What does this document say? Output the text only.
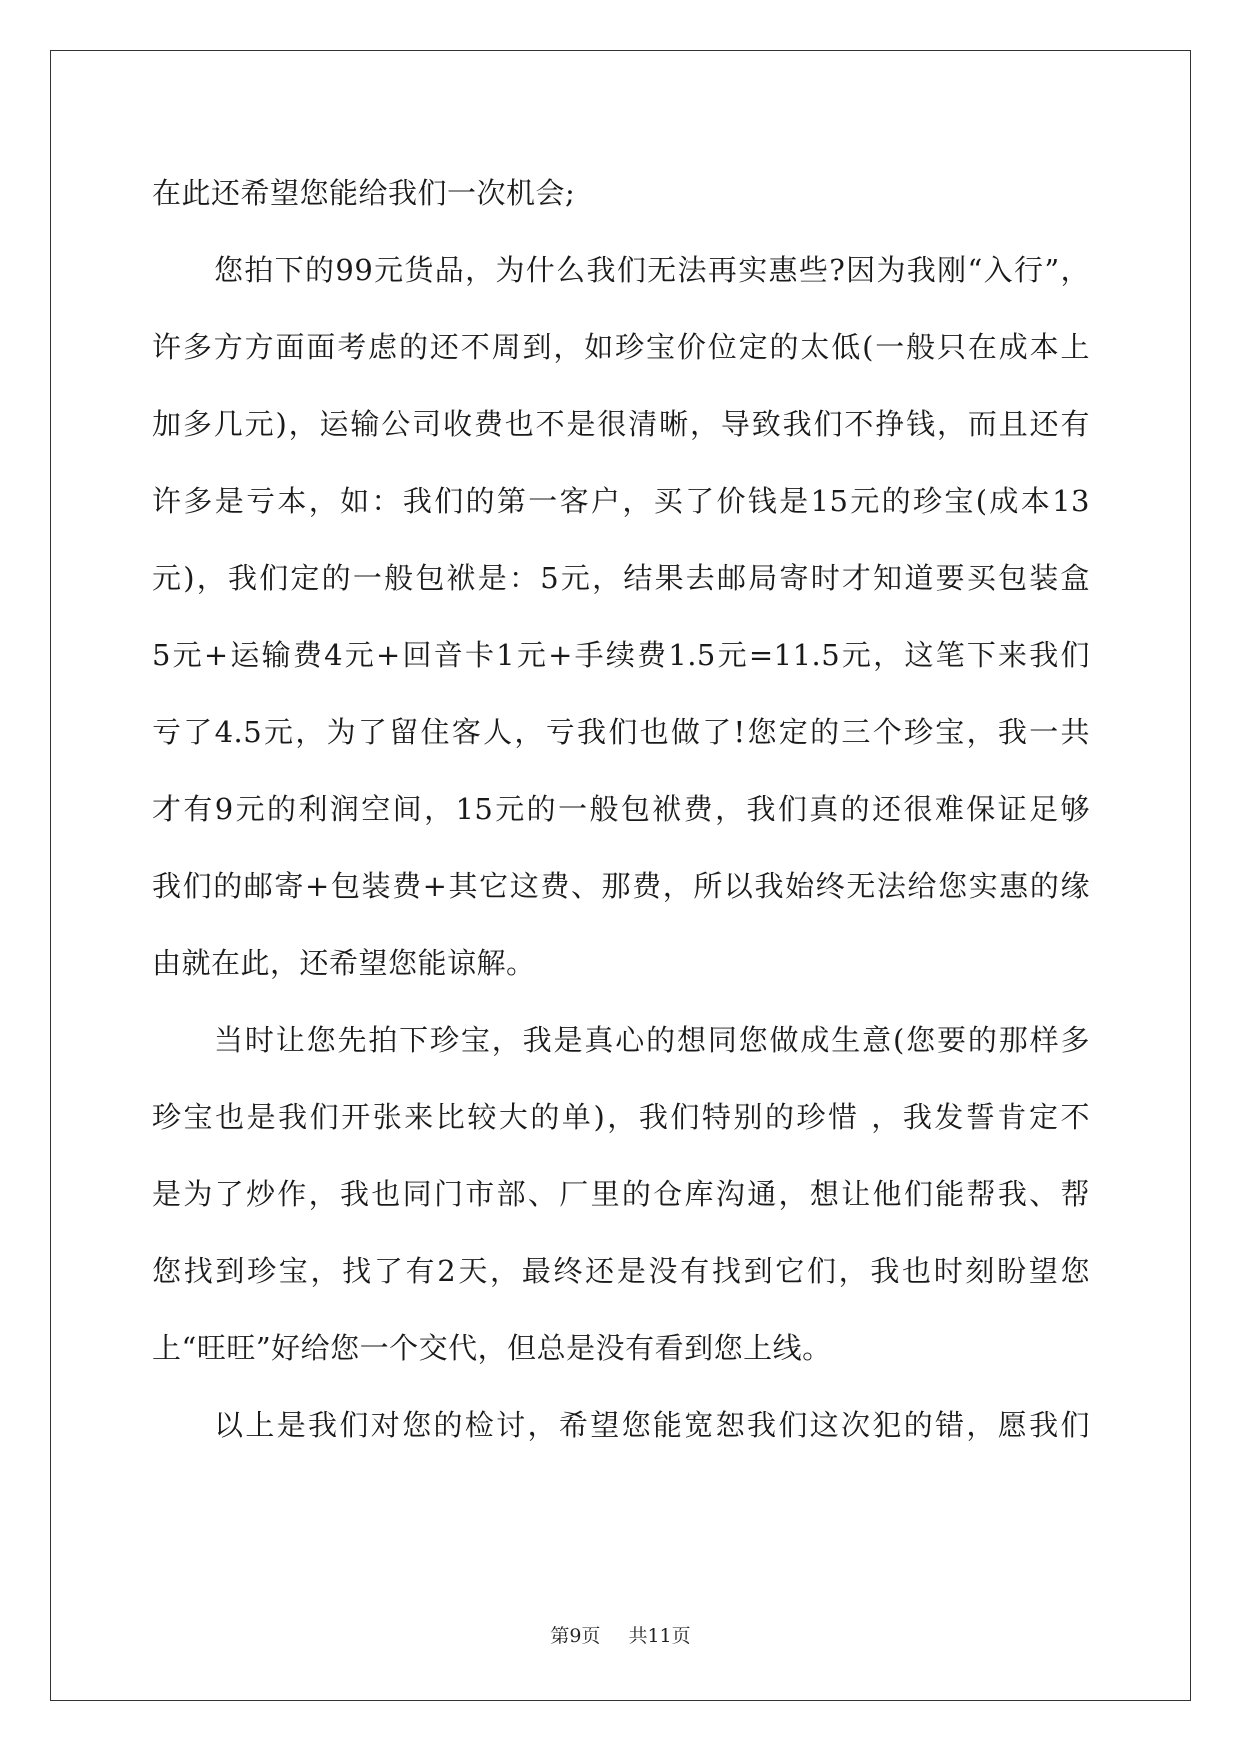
在此还希望您能给我们一次机会;
您拍下的99元货品，为什么我们无法再实惠些?因为我刚“入行”，
许多方方面面考虑的还不周到，如珍宝价位定的太低(一般只在成本上
加多几元)，运输公司收费也不是很清晰，导致我们不挣钱，而且还有
许多是亏本，如：我们的第一客户，买了价钱是15元的珍宝(成本13
元)，我们定的一般包袱是：5元，结果去邮局寄时才知道要买包装盒
5元+运输费4元+回音卡1元+手续费1.5元=11.5元，这笔下来我们
亏了4.5元，为了留住客人，亏我们也做了!您定的三个珍宝，我一共
才有9元的利润空间，15元的一般包袱费，我们真的还很难保证足够
我们的邮寄+包装费+其它这费、那费，所以我始终无法给您实惠的缘
由就在此，还希望您能谅解。
当时让您先拍下珍宝，我是真心的想同您做成生意(您要的那样多
珍宝也是我们开张来比较大的单)，我们特别的珍惜 ，我发誓肯定不
是为了炒作，我也同门市部、厂里的仓库沟通，想让他们能帮我、帮
您找到珍宝，找了有2天，最终还是没有找到它们，我也时刻盼望您
上“旺旺”好给您一个交代，但总是没有看到您上线。
以上是我们对您的检讨，希望您能宽恕我们这次犯的错，愿我们
第9页 共11页
